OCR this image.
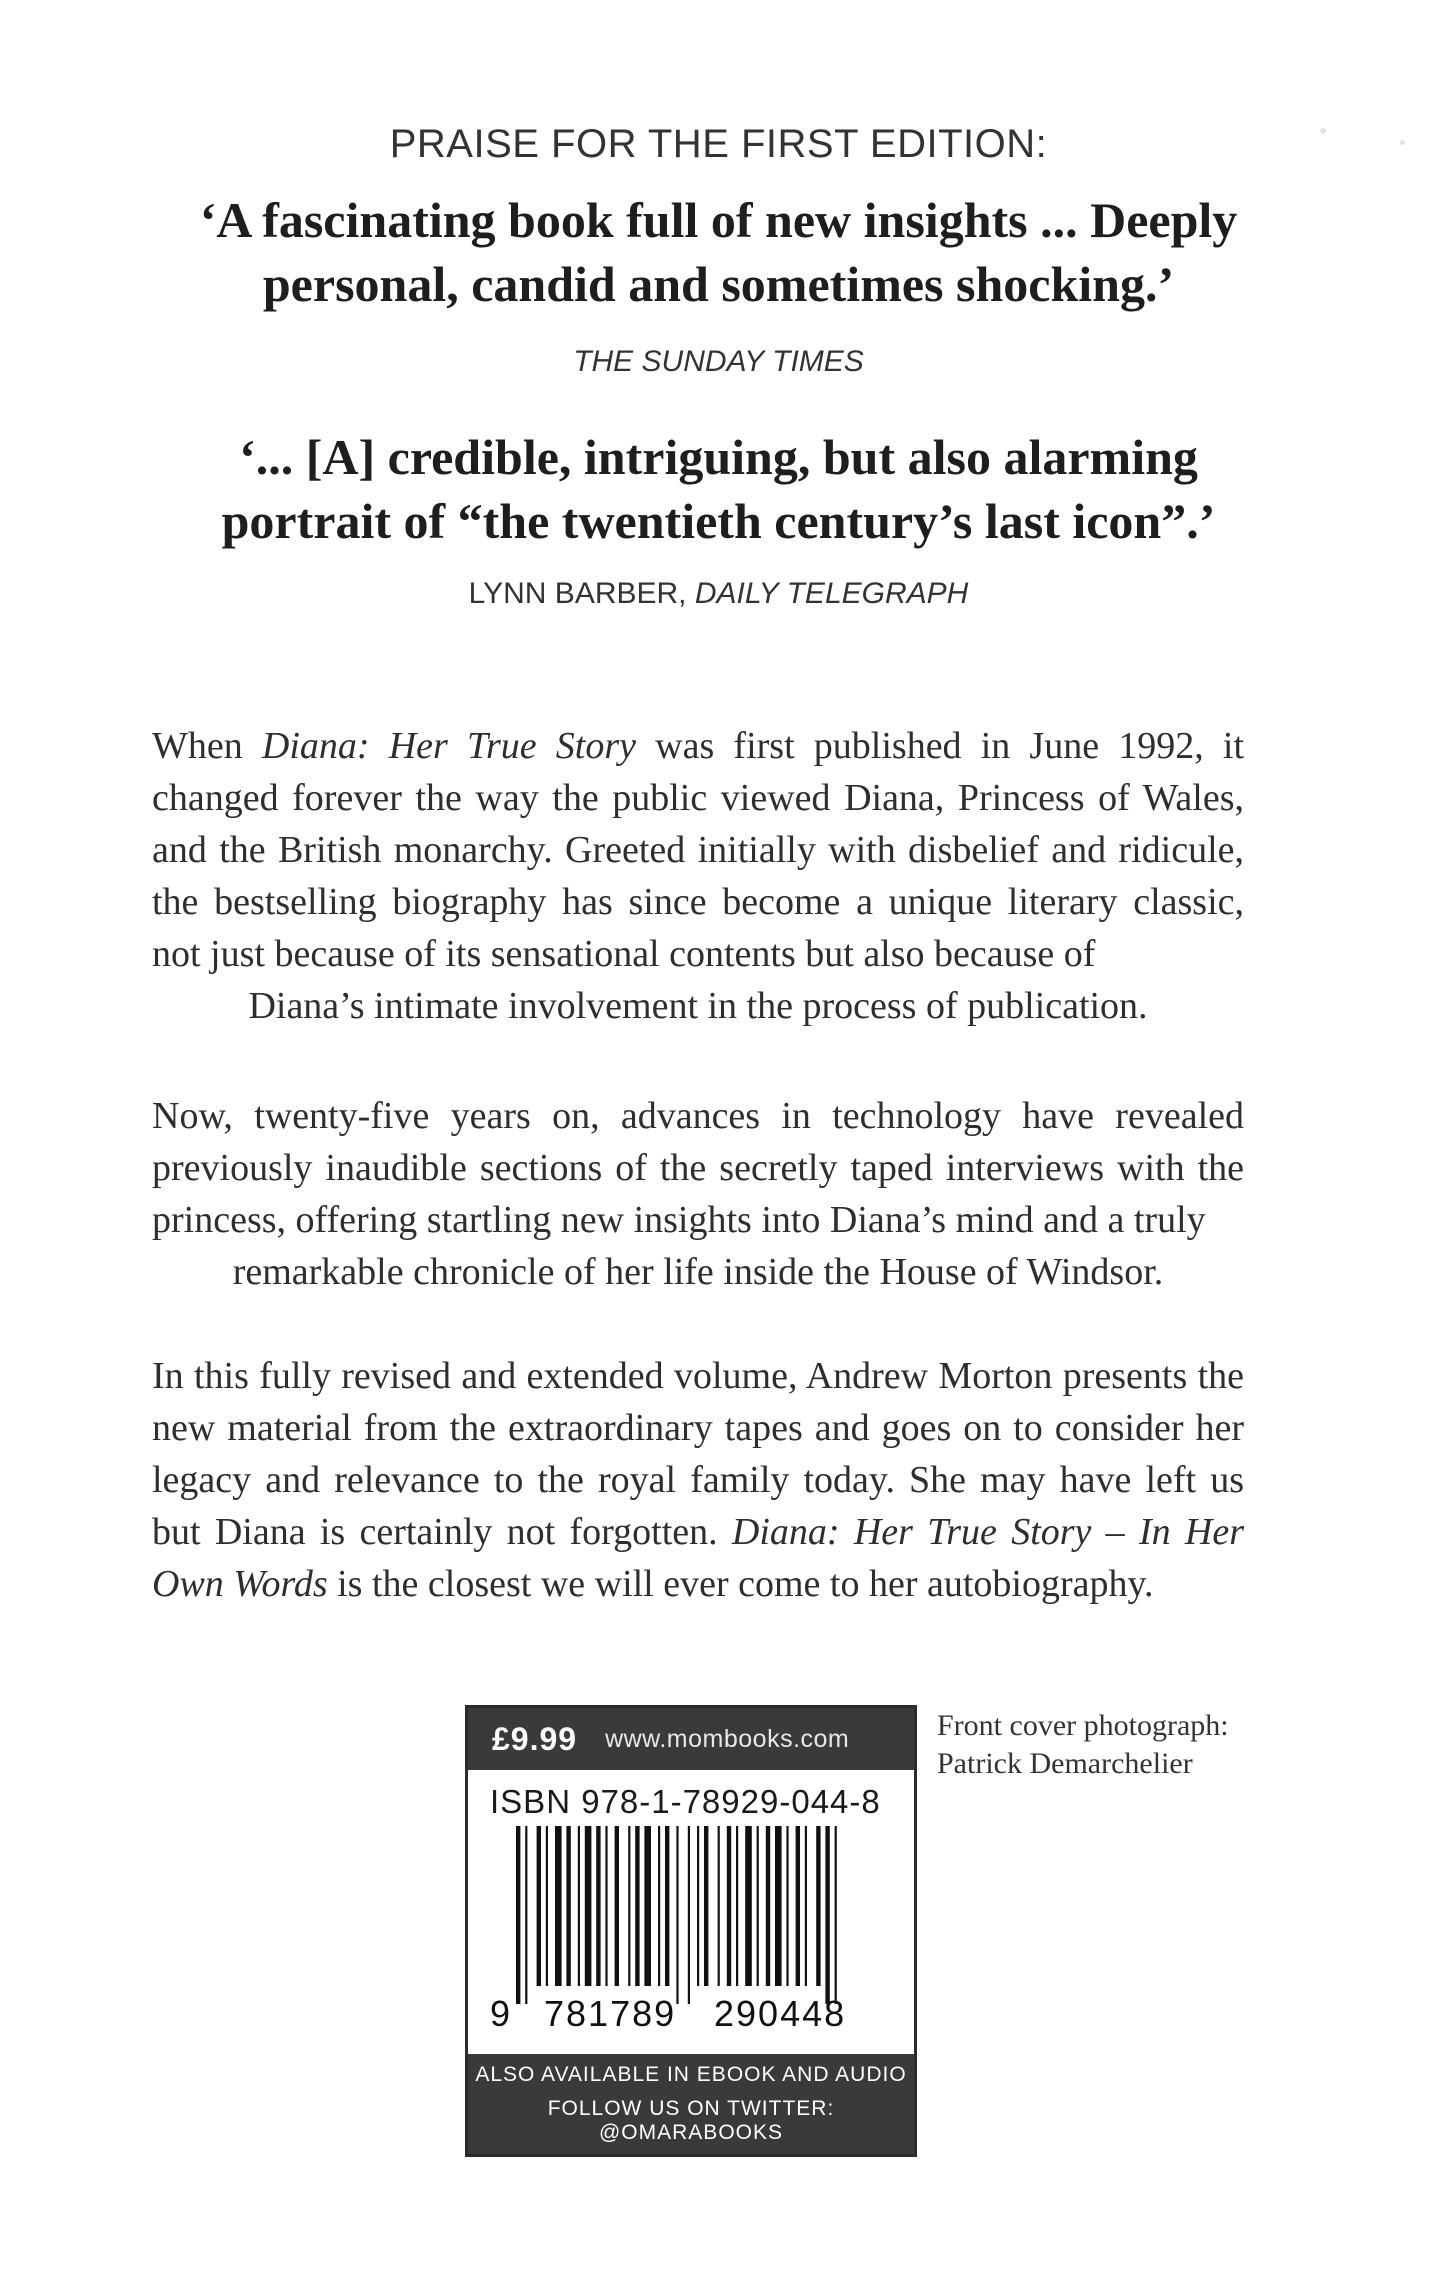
PRAISE FOR THE FIRST EDITION:
‘A fascinating book full of new insights ... Deeply
personal, candid and sometimes shocking.’
THE SUNDAY TIMES
‘... [A] credible, intriguing, but also alarming
portrait of “the twentieth century’s last icon”.’
LYNN BARBER, DAILY TELEGRAPH
When Diana: Her True Story was first published in June 1992, it changed forever the way the public viewed Diana, Princess of Wales, and the British monarchy. Greeted initially with disbelief and ridicule, the bestselling biography has since become a unique literary classic, not just because of its sensational contents but also because of
Diana’s intimate involvement in the process of publication.
Now, twenty-five years on, advances in technology have revealed previously inaudible sections of the secretly taped interviews with the princess, offering startling new insights into Diana’s mind and a truly
remarkable chronicle of her life inside the House of Windsor.
In this fully revised and extended volume, Andrew Morton presents the new material from the extraordinary tapes and goes on to consider her legacy and relevance to the royal family today. She may have left us but Diana is certainly not forgotten. Diana: Her True Story – In Her Own Words is the closest we will ever come to her autobiography.
£9.99 www.mombooks.com
ISBN 978-1-78929-044-8
9 781789 290448
ALSO AVAILABLE IN EBOOK AND AUDIO
FOLLOW US ON TWITTER: @OMARABOOKS
Front cover photograph:
Patrick Demarchelier
